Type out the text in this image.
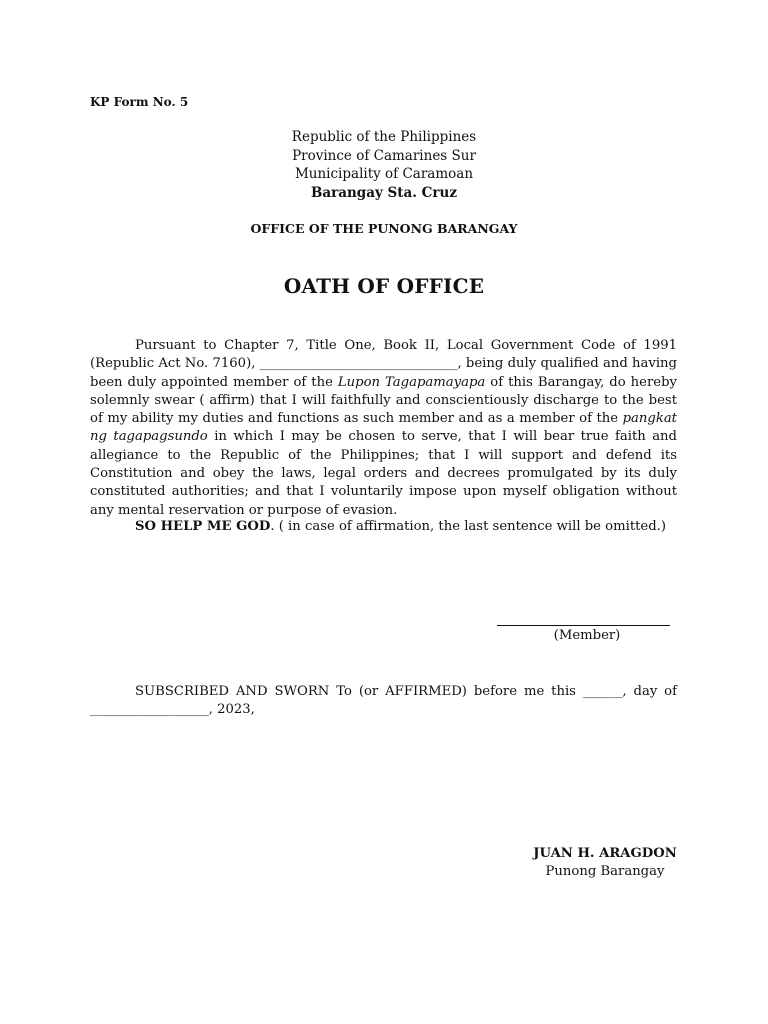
KP Form No. 5
Republic of the Philippines
Province of Camarines Sur
Municipality of Caramoan
Barangay Sta. Cruz
OFFICE OF THE PUNONG BARANGAY
OATH OF OFFICE
Pursuant to Chapter 7, Title One, Book II, Local Government Code of 1991 (Republic Act No. 7160), ______________________________, being duly qualified and having been duly appointed member of the Lupon Tagapamayapa of this Barangay, do hereby solemnly swear ( affirm) that I will faithfully and conscientiously discharge to the best of my ability my duties and functions as such member and as a member of the pangkat ng tagapagsundo in which I may be chosen to serve, that I will bear true faith and allegiance to the Republic of the Philippines; that I will support and defend its Constitution and obey the laws, legal orders and decrees promulgated by its duly constituted authorities; and that I voluntarily impose upon myself obligation without any mental reservation or purpose of evasion.
SO HELP ME GOD. ( in case of affirmation, the last sentence will be omitted.)
(Member)
SUBSCRIBED AND SWORN To (or AFFIRMED) before me this ______, day of
__________________, 2023,
JUAN H. ARAGDON
Punong Barangay
